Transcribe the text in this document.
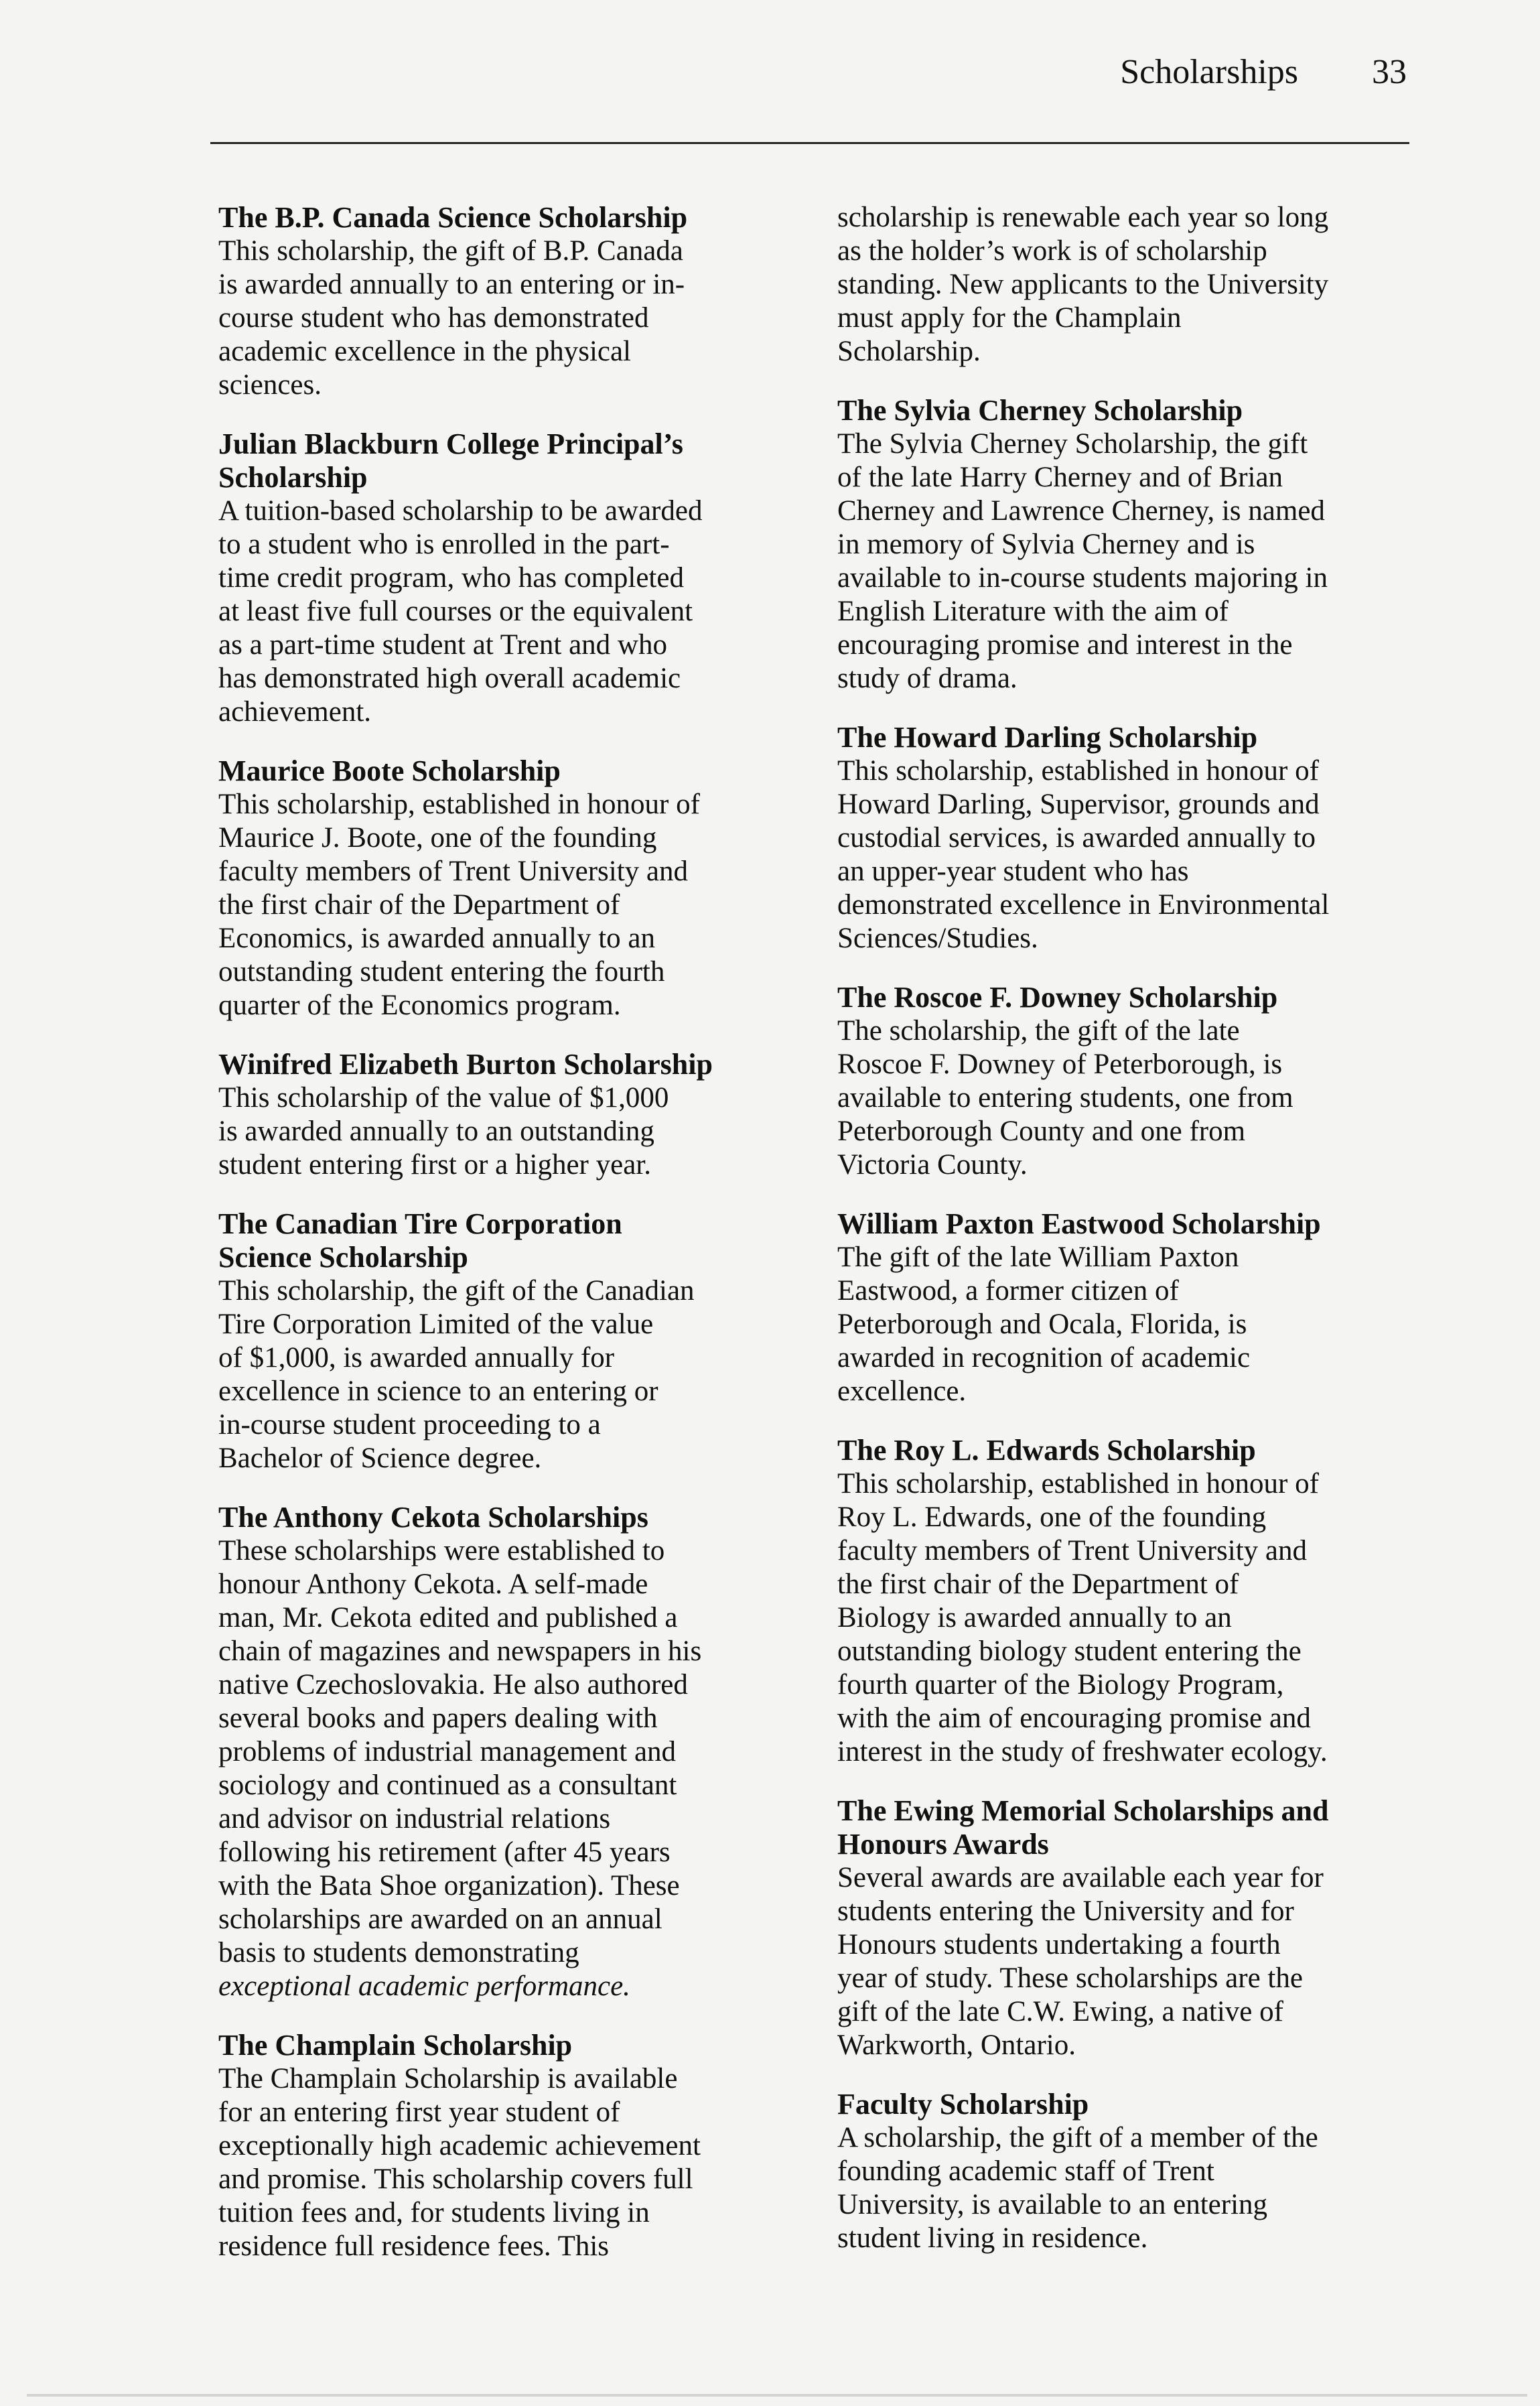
Scholarships 33
The B.P. Canada Science Scholarship

This scholarship, the gift of B.P. Canada
is awarded annually to an entering or in-
course student who has demonstrated
academic excellence in the physical
sciences.

Julian Blackburn College Principal’s
Scholarship

A tuition-based scholarship to be awarded
to a student who is enrolled in the part-
time credit program, who has completed
at least five full courses or the equivalent
as a part-time student at Trent and who
has demonstrated high overall academic
achievement.

Maurice Boote Scholarship

This scholarship, established in honour of
Maurice J. Boote, one of the founding
faculty members of Trent University and
the first chair of the Department of
Economics, is awarded annually to an
outstanding student entering the fourth
quarter of the Economics program.

Winifred Elizabeth Burton Scholarship

This scholarship of the value of $1,000
is awarded annually to an outstanding
student entering first or a higher year.

The Canadian Tire Corporation
Science Scholarship

This scholarship, the gift of the Canadian
Tire Corporation Limited of the value
of $1,000, is awarded annually for
excellence in science to an entering or
in-course student proceeding to a
Bachelor of Science degree.

The Anthony Cekota Scholarships

These scholarships were established to
honour Anthony Cekota. A self-made
man, Mr. Cekota edited and published a
chain of magazines and newspapers in his
native Czechoslovakia. He also authored
several books and papers dealing with
problems of industrial management and
sociology and continued as a consultant
and advisor on industrial relations
following his retirement (after 45 years
with the Bata Shoe organization). These
scholarships are awarded on an annual
basis to students demonstrating

exceptional academic performance.

The Champlain Scholarship

The Champlain Scholarship is available
for an entering first year student of
exceptionally high academic achievement
and promise. This scholarship covers full
tuition fees and, for students living in
residence full residence fees. This

scholarship is renewable each year so long
as the holder’s work is of scholarship
standing. New applicants to the University
must apply for the Champlain
Scholarship.

The Sylvia Cherney Scholarship

The Sylvia Cherney Scholarship, the gift
of the late Harry Cherney and of Brian
Cherney and Lawrence Cherney, is named
in memory of Sylvia Cherney and is
available to in-course students majoring in
English Literature with the aim of
encouraging promise and interest in the
study of drama.

The Howard Darling Scholarship

This scholarship, established in honour of
Howard Darling, Supervisor, grounds and
custodial services, is awarded annually to
an upper-year student who has
demonstrated excellence in Environmental
Sciences/Studies.

The Roscoe F. Downey Scholarship

The scholarship, the gift of the late
Roscoe F. Downey of Peterborough, is
available to entering students, one from
Peterborough County and one from
Victoria County.

William Paxton Eastwood Scholarship

The gift of the late William Paxton
Eastwood, a former citizen of
Peterborough and Ocala, Florida, is
awarded in recognition of academic
excellence.

The Roy L. Edwards Scholarship

This scholarship, established in honour of
Roy L. Edwards, one of the founding
faculty members of Trent University and
the first chair of the Department of
Biology is awarded annually to an
outstanding biology student entering the
fourth quarter of the Biology Program,
with the aim of encouraging promise and
interest in the study of freshwater ecology.

The Ewing Memorial Scholarships and
Honours Awards

Several awards are available each year for
students entering the University and for
Honours students undertaking a fourth
year of study. These scholarships are the
gift of the late C.W. Ewing, a native of
Warkworth, Ontario.

Faculty Scholarship

A scholarship, the gift of a member of the
founding academic staff of Trent
University, is available to an entering
student living in residence.
